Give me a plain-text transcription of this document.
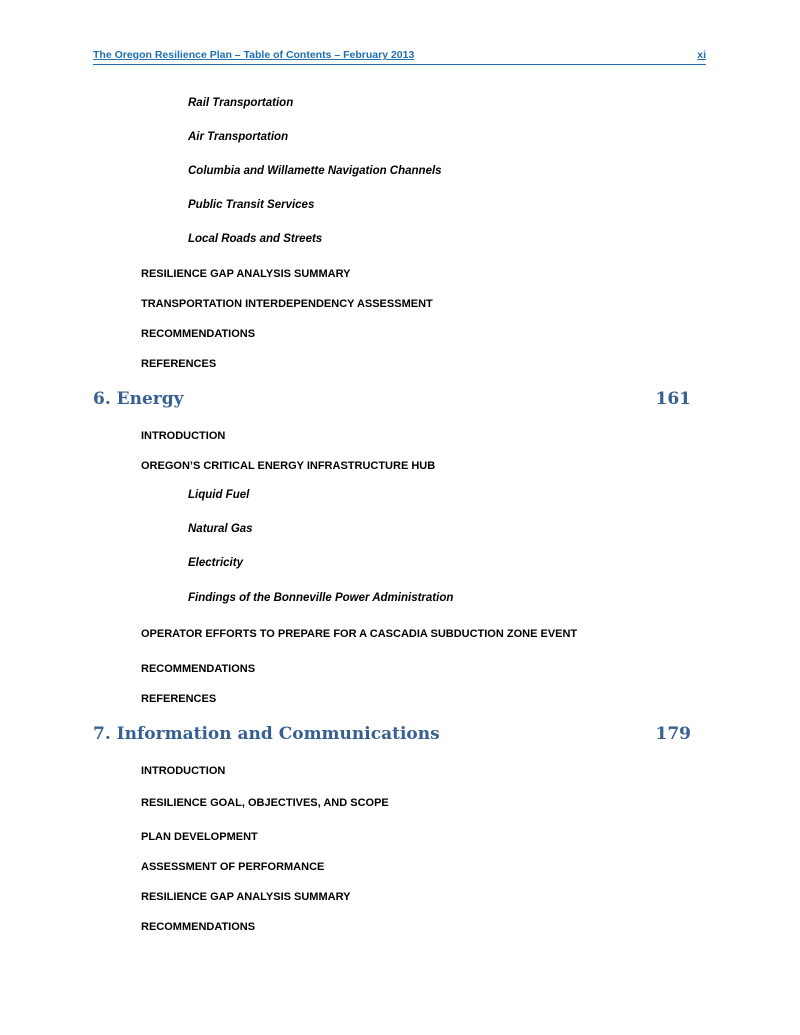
The Oregon Resilience Plan – Table of Contents – February 2013	xi
Rail Transportation
Air Transportation
Columbia and Willamette Navigation Channels
Public Transit Services
Local Roads and Streets
RESILIENCE GAP ANALYSIS SUMMARY
TRANSPORTATION INTERDEPENDENCY ASSESSMENT
RECOMMENDATIONS
REFERENCES
6. Energy	161
INTRODUCTION
OREGON’S CRITICAL ENERGY INFRASTRUCTURE HUB
Liquid Fuel
Natural Gas
Electricity
Findings of the Bonneville Power Administration
OPERATOR EFFORTS TO PREPARE FOR A CASCADIA SUBDUCTION ZONE EVENT
RECOMMENDATIONS
REFERENCES
7. Information and Communications	179
INTRODUCTION
RESILIENCE GOAL, OBJECTIVES, AND SCOPE
PLAN DEVELOPMENT
ASSESSMENT OF PERFORMANCE
RESILIENCE GAP ANALYSIS SUMMARY
RECOMMENDATIONS
